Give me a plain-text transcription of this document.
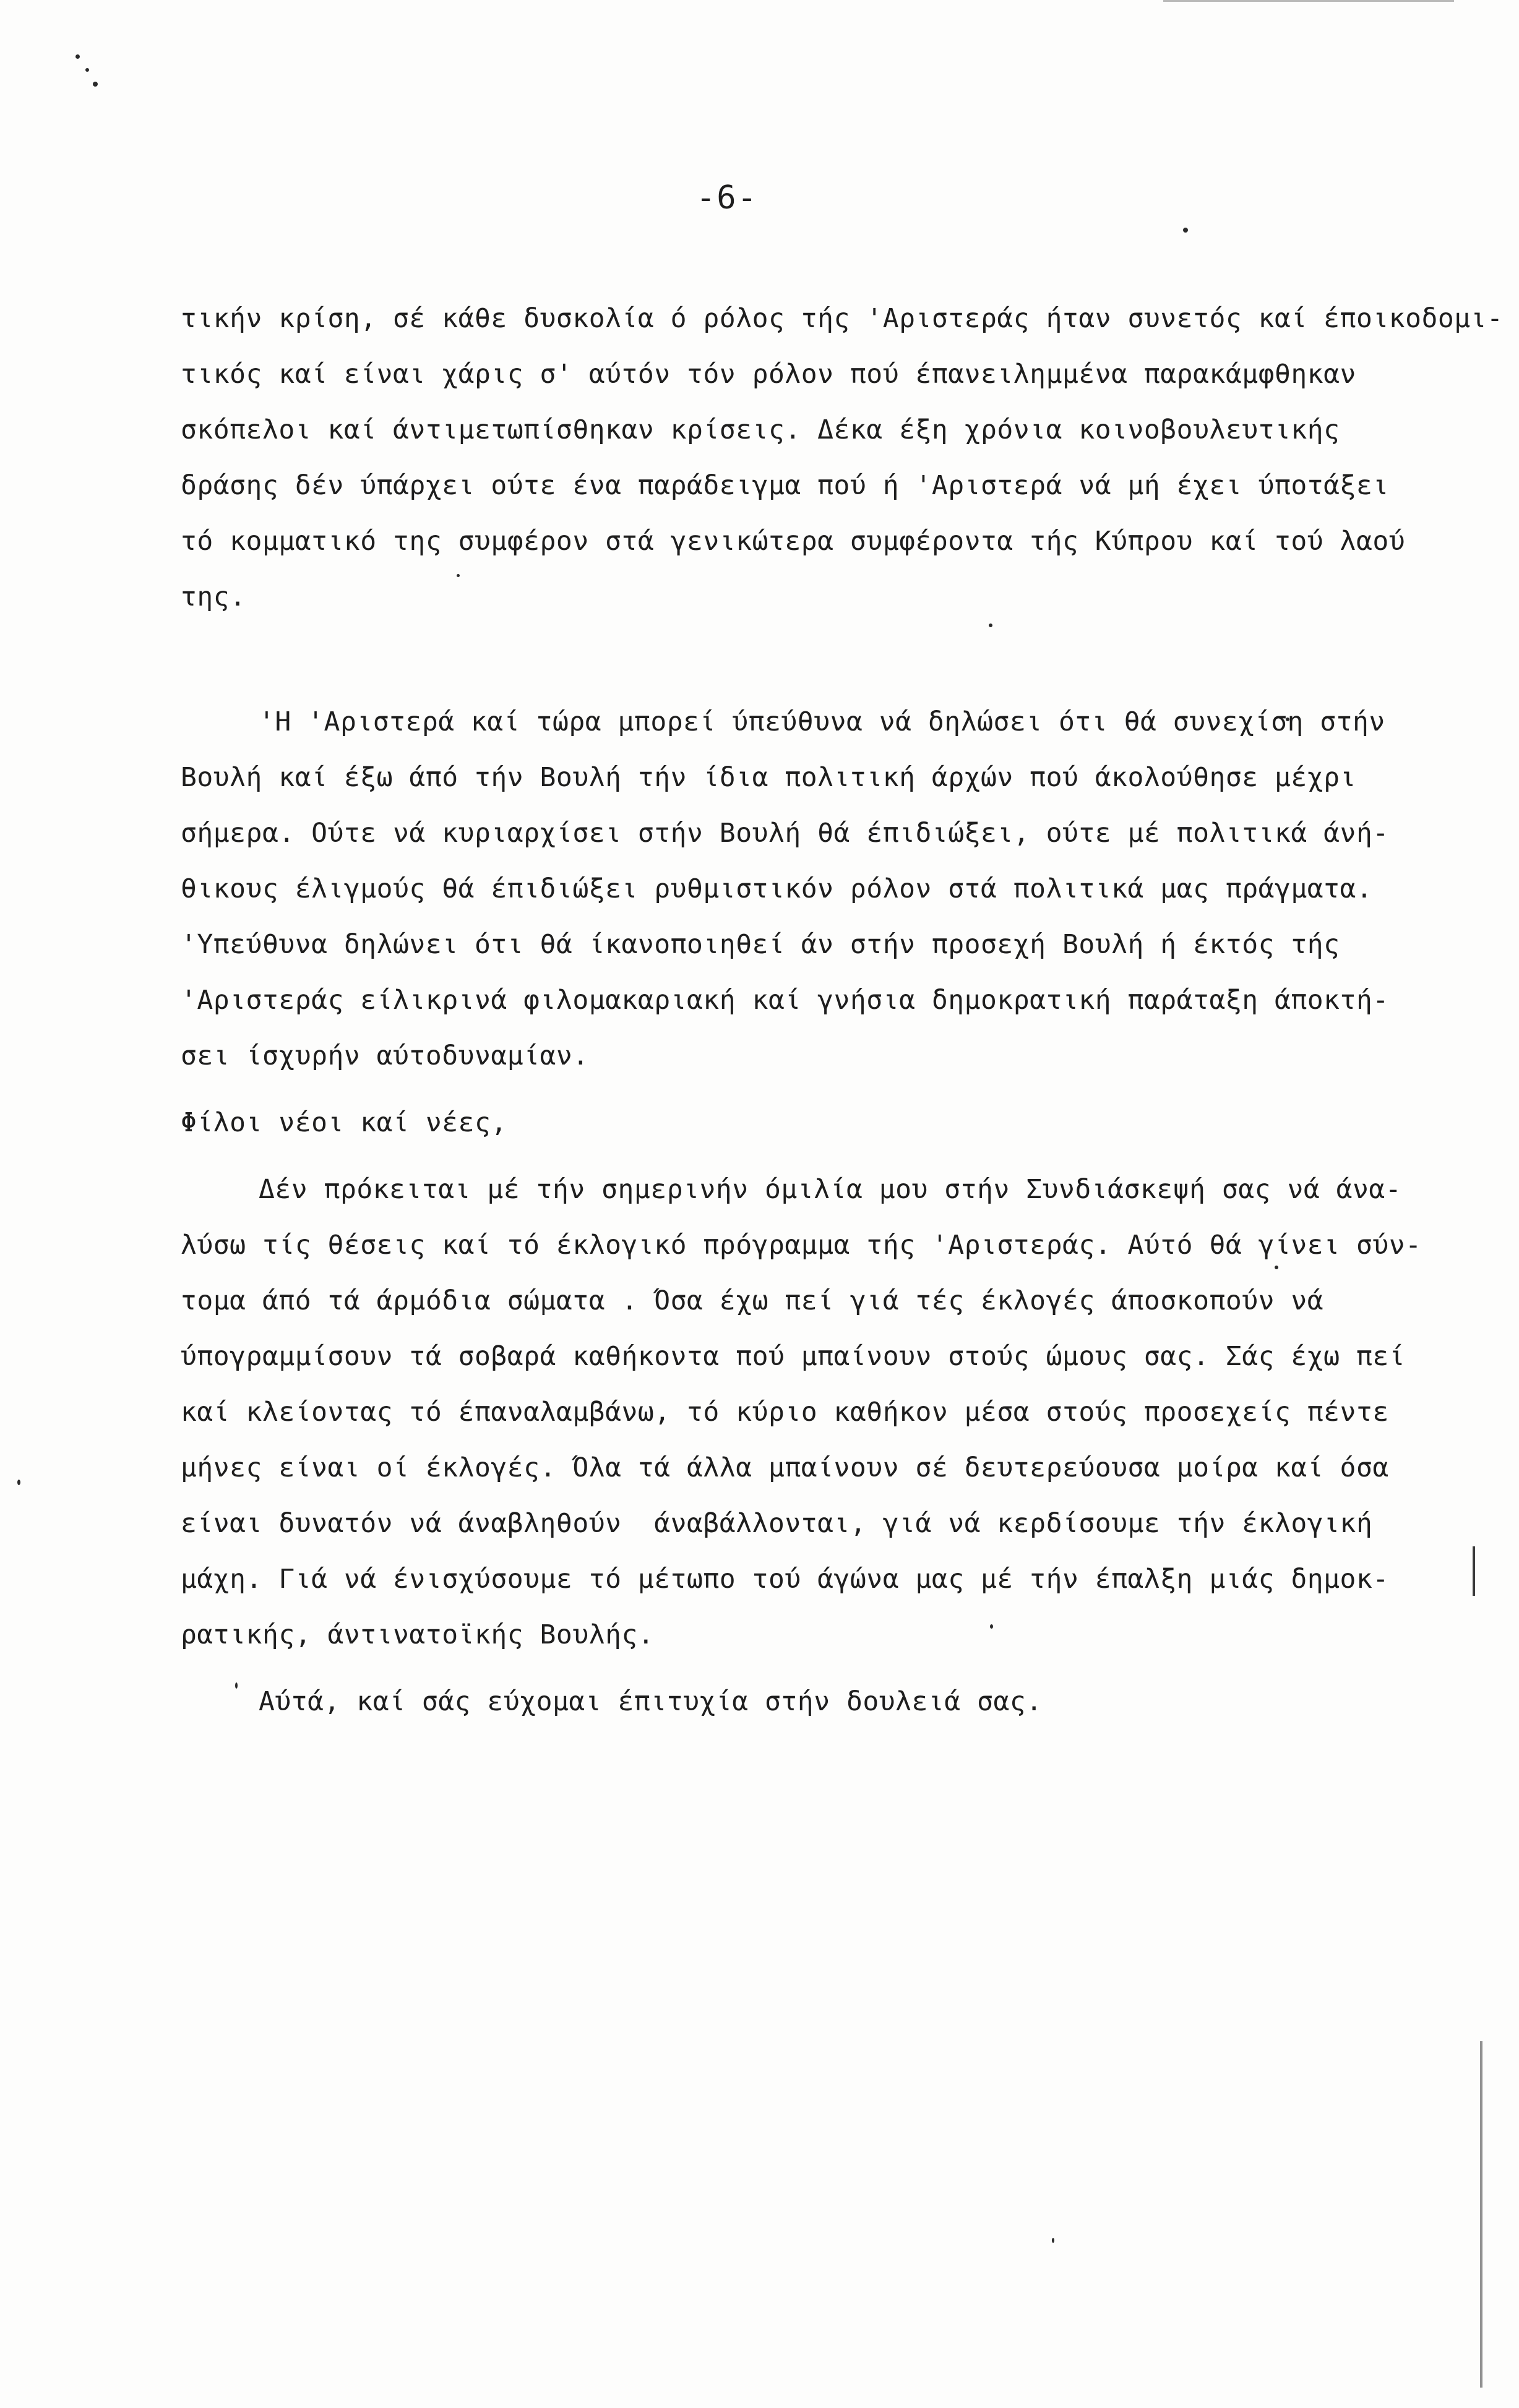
-6-
τικήν κρίση, σέ κάθε δυσκολία ό ρόλος τής 'Αριστεράς ήταν συνετός καί έποικοδομι-
τικός καί είναι χάρις σ' αύτόν τόν ρόλον πού έπανειλημμένα παρακάμφθηκαν
σκόπελοι καί άντιμετωπίσθηκαν κρίσεις. Δέκα έξη χρόνια κοινοβουλευτικής
δράσης δέν ύπάρχει ούτε ένα παράδειγμα πού ή 'Αριστερά νά μή έχει ύποτάξει
τό κομματικό της συμφέρον στά γενικώτερα συμφέροντα τής Κύπρου καί τού λαού
της.
'Η 'Αριστερά καί τώρα μπορεί ύπεύθυνα νά δηλώσει ότι θά συνεχίση στήν
Βουλή καί έξω άπό τήν Βουλή τήν ίδια πολιτική άρχών πού άκολούθησε μέχρι
σήμερα. Ούτε νά κυριαρχίσει στήν Βουλή θά έπιδιώξει, ούτε μέ πολιτικά άνή-
θικους έλιγμούς θά έπιδιώξει ρυθμιστικόν ρόλον στά πολιτικά μας πράγματα.
'Υπεύθυνα δηλώνει ότι θά ίκανοποιηθεί άν στήν προσεχή Βουλή ή έκτός τής
'Αριστεράς είλικρινά φιλομακαριακή καί γνήσια δημοκρατική παράταξη άποκτή-
σει ίσχυρήν αύτοδυναμίαν.
Φίλοι νέοι καί νέες,
Δέν πρόκειται μέ τήν σημερινήν όμιλία μου στήν Συνδιάσκεψή σας νά άνα-
λύσω τίς θέσεις καί τό έκλογικό πρόγραμμα τής 'Αριστεράς. Αύτό θά γίνει σύν-
τομα άπό τά άρμόδια σώματα . Όσα έχω πεί γιά τές έκλογές άποσκοπούν νά
ύπογραμμίσουν τά σοβαρά καθήκοντα πού μπαίνουν στούς ώμους σας. Σάς έχω πεί
καί κλείοντας τό έπαναλαμβάνω, τό κύριο καθήκον μέσα στούς προσεχείς πέντε
μήνες είναι οί έκλογές. Όλα τά άλλα μπαίνουν σέ δευτερεύουσα μοίρα καί όσα
είναι δυνατόν νά άναβληθούν  άναβάλλονται, γιά νά κερδίσουμε τήν έκλογική
μάχη. Γιά νά ένισχύσουμε τό μέτωπο τού άγώνα μας μέ τήν έπαλξη μιάς δημοκ-
ρατικής, άντινατοϊκής Βουλής.
Αύτά, καί σάς εύχομαι έπιτυχία στήν δουλειά σας.
